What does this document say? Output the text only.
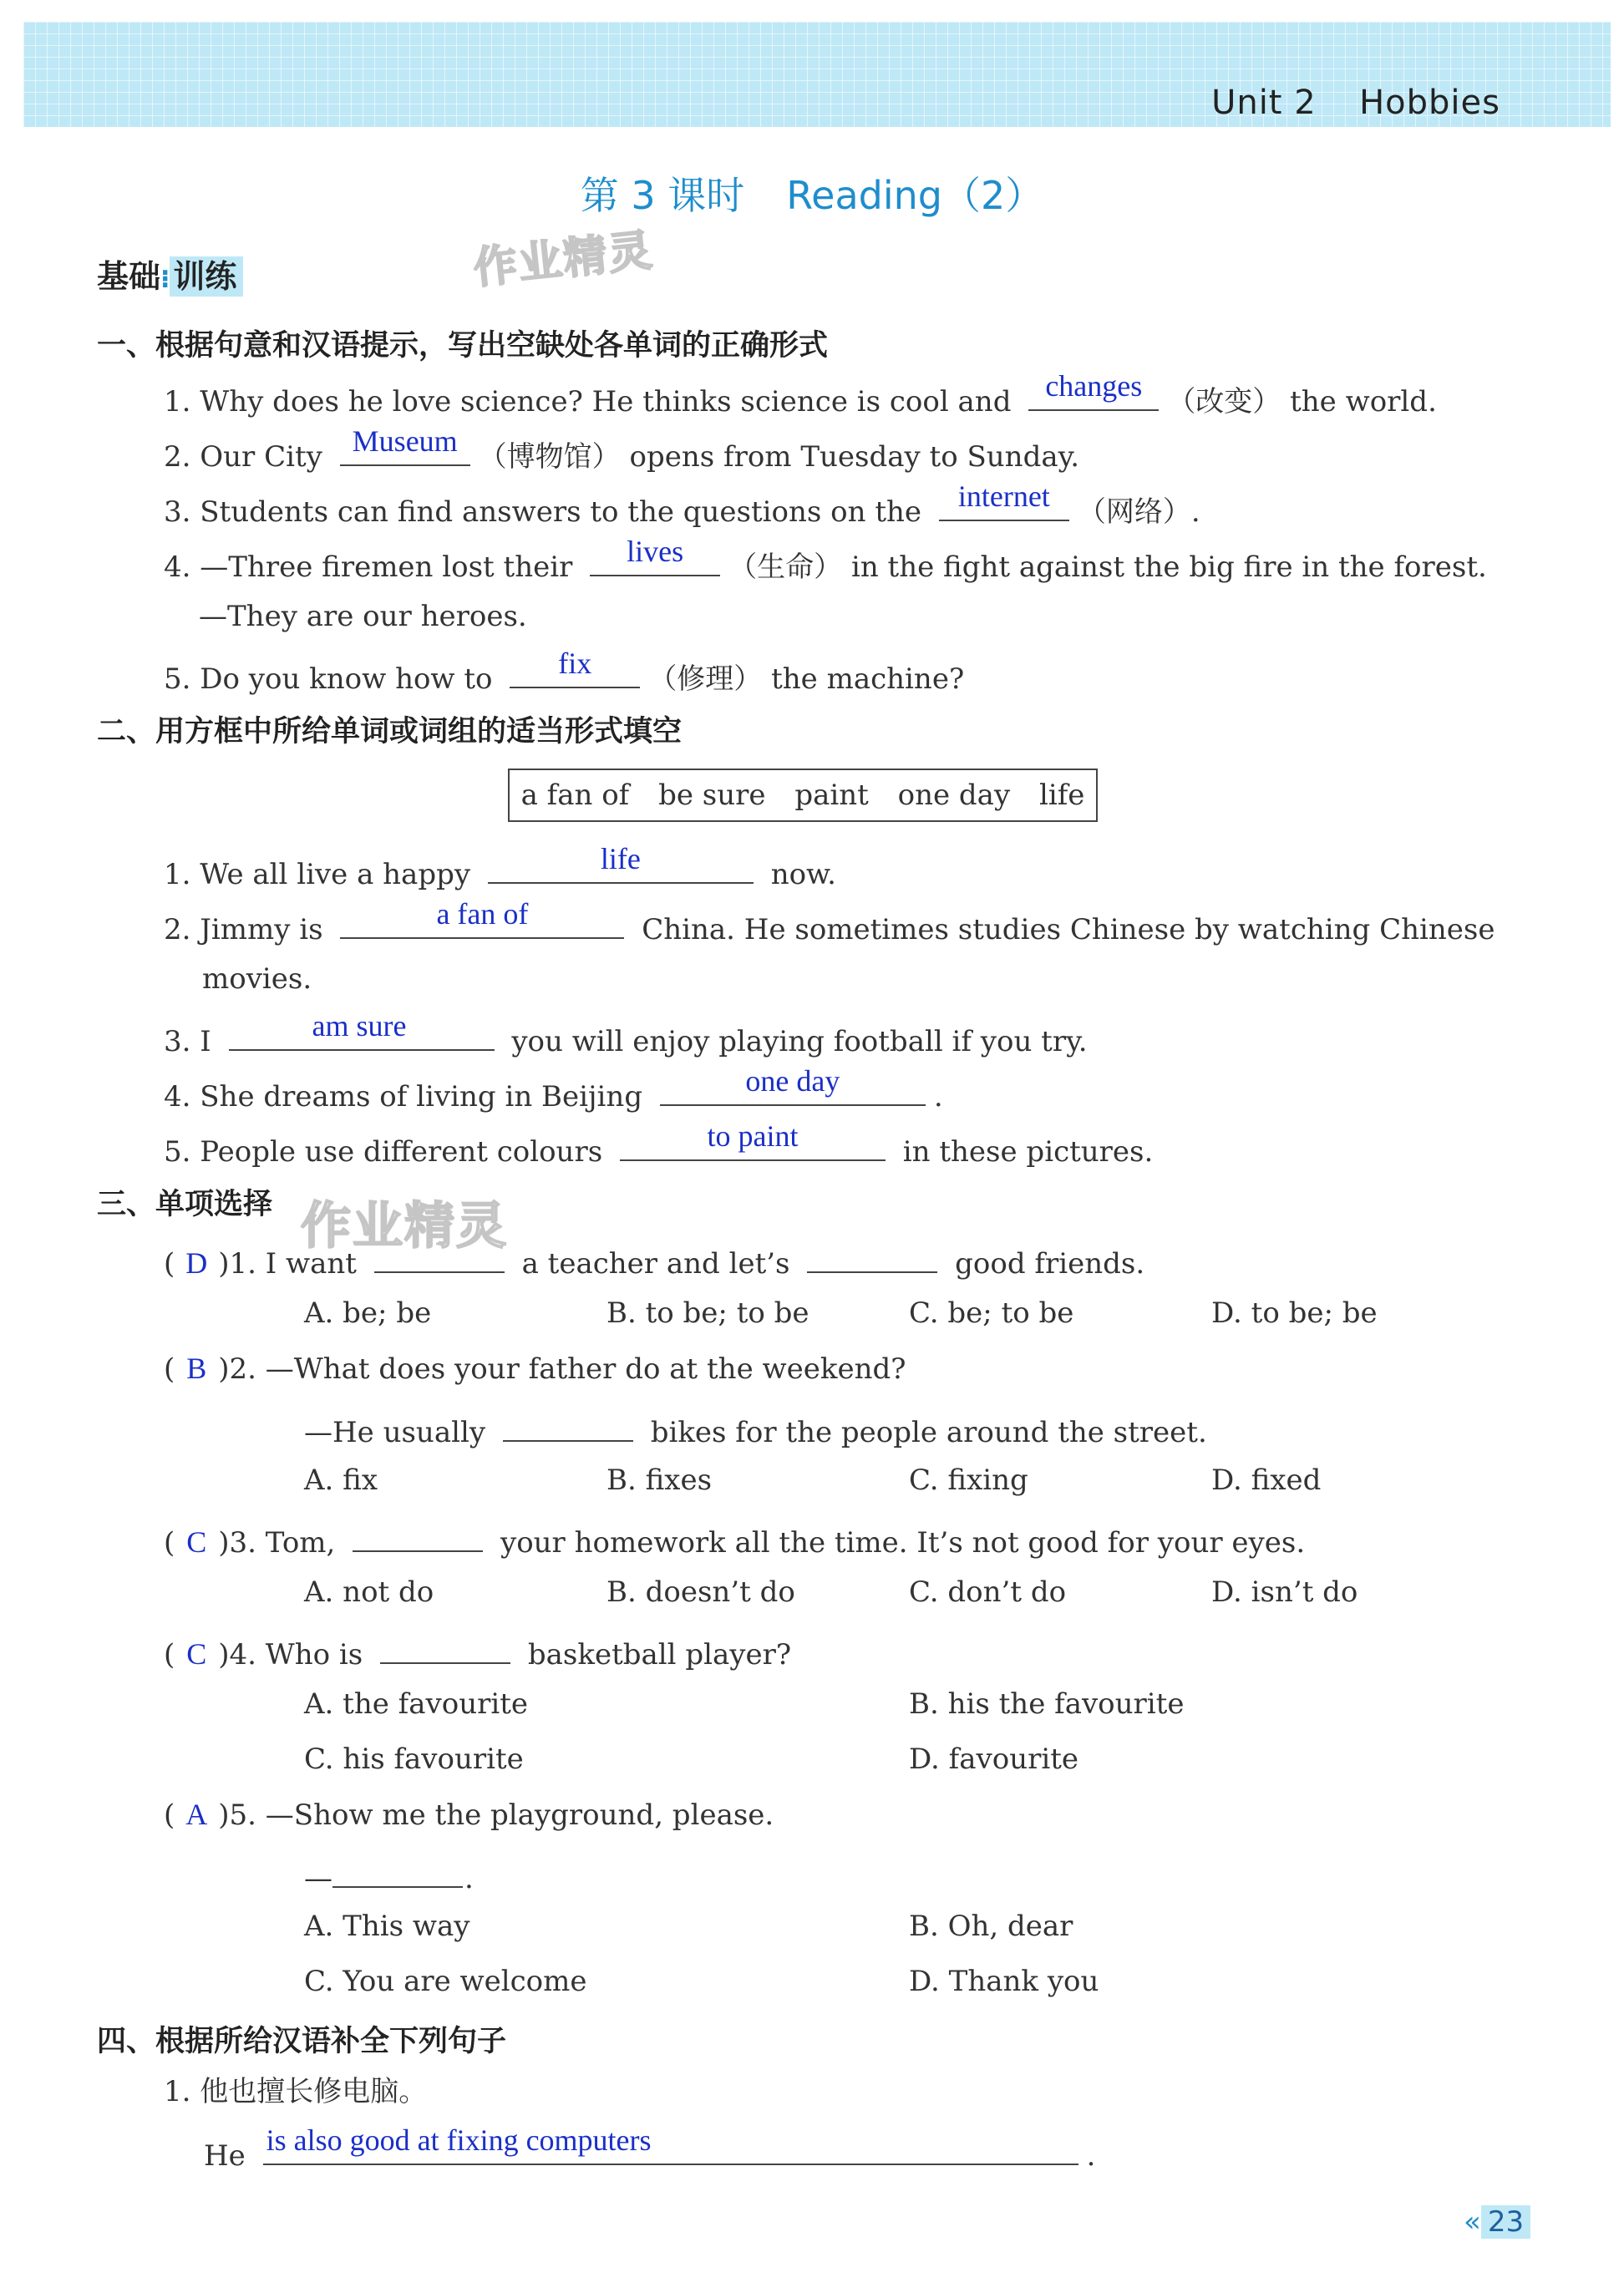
Unit 2 Hobbies
第 3 课时 Reading（2）
基础⁝ 训练	作业精灵
一、根据句意和汉语提示，写出空缺处各单词的正确形式
1. Why does he love science? He thinks science is cool and	changes （改变） the world.
2. Our City Museum （博物馆） opens from Tuesday to Sunday.
3. Students can find answers to the questions on the	internet （网络）.
4. —Three firemen lost their	lives	（生命） in the fight against the big fire in the forest.
—They are our heroes.
5. Do you know how to	fix	（修理） the machine?
二、用方框中所给单词或词组的适当形式填空
a fan of be sure paint one day life
1. We all live a happy	life	now.
2. Jimmy is	a fan of	China. He sometimes studies Chinese by watching Chinese
movies.
3. I	am sure	you will enjoy playing football if you try.
4. She dreams of living in Beijing	one day	.
5. People use different colours	to paint	in these pictures.
三、单项选择 作业精灵
( D )1. I want	a teacher and let’s	good friends.
A. be; be	B. to be; to be	C. be; to be	D. to be; be
( B )2. —What does your father do at the weekend?
—He usually	bikes for the people around the street.
A. fix	B. fixes	C. fixing	D. fixed
( C )3. Tom,	your homework all the time. It’s not good for your eyes.
A. not do	B. doesn’t do	C. don’t do	D. isn’t do
( C )4. Who is	basketball player?
A. the favourite	B. his the favourite
C. his favourite	D. favourite
( A )5. —Show me the playground, please.
—	.
A. This way	B. Oh, dear
C. You are welcome	D. Thank you
四、根据所给汉语补全下列句子
1. 他也擅长修电脑。
He is also good at fixing computers	.
« 23
